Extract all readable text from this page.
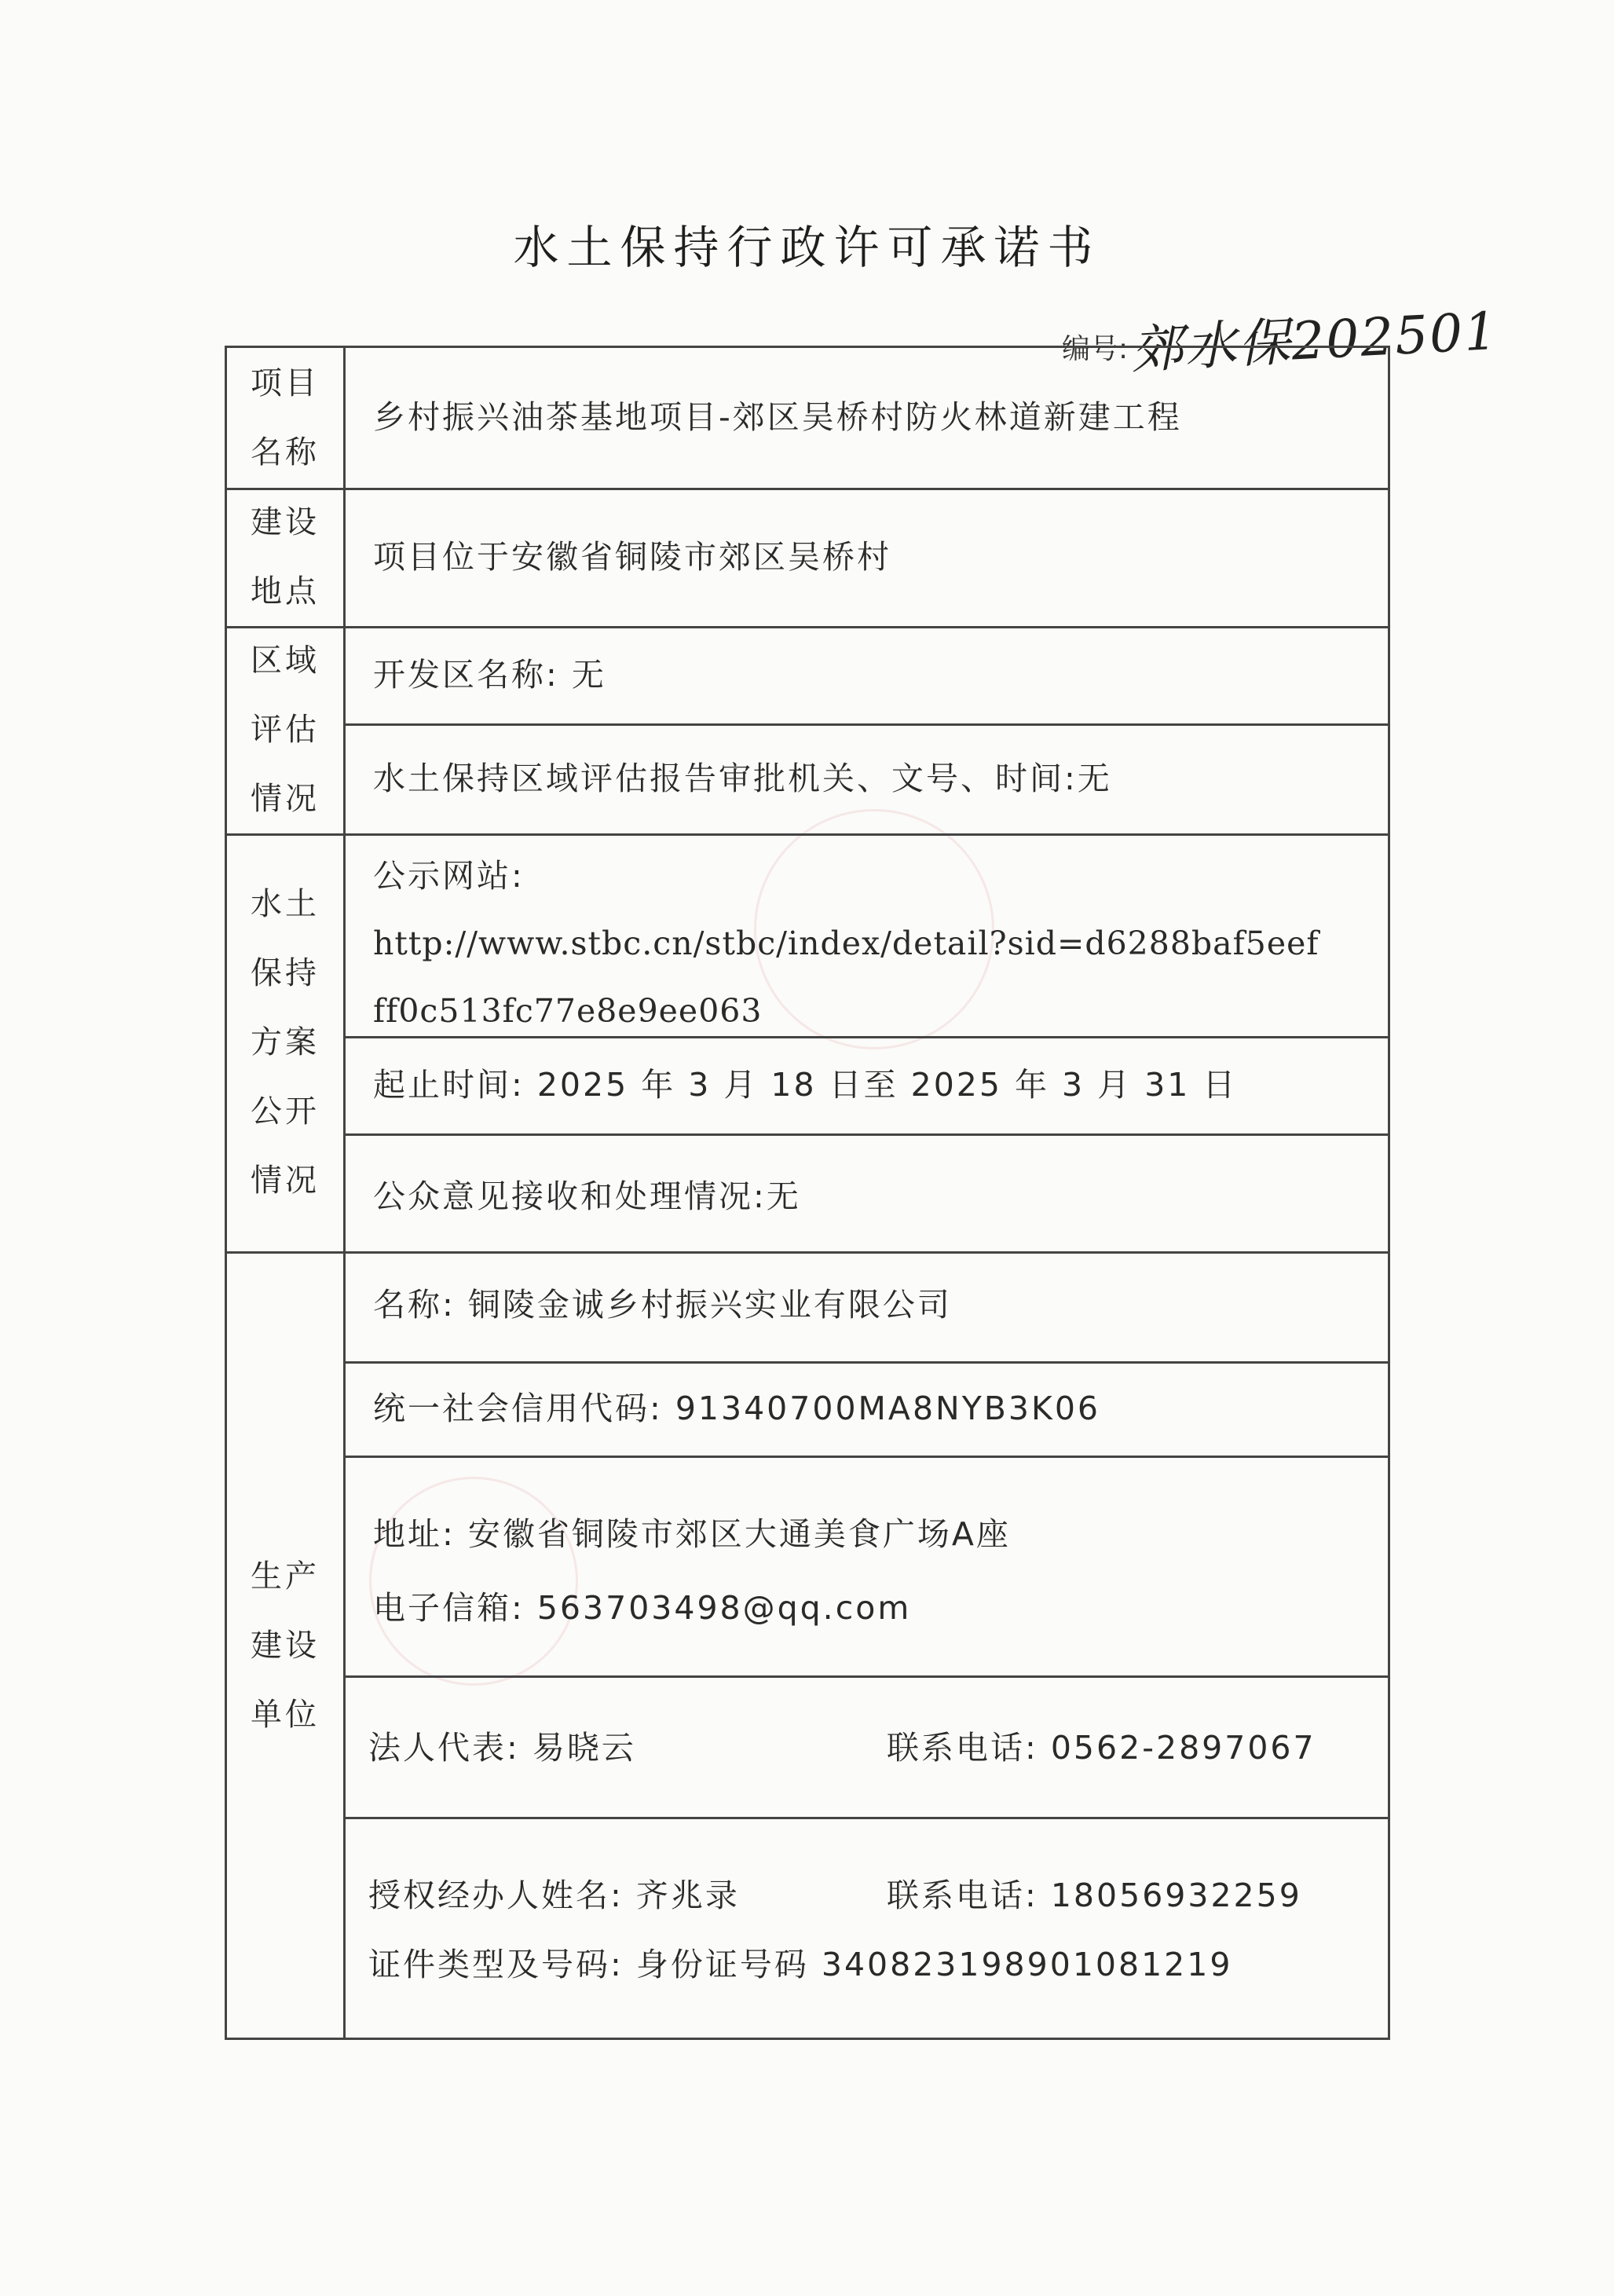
水土保持行政许可承诺书
编号: 郊水保202501
项目名称
建设地点
区域评估情况
水土保持方案公开情况
生产建设单位
乡村振兴油茶基地项目-郊区吴桥村防火林道新建工程
项目位于安徽省铜陵市郊区吴桥村
开发区名称: 无
水土保持区域评估报告审批机关、文号、时间:无
公示网站:
http://www.stbc.cn/stbc/index/detail?sid=d6288baf5eef
ff0c513fc77e8e9ee063
起止时间: 2025 年 3 月 18 日至 2025 年 3 月 31 日
公众意见接收和处理情况:无
名称: 铜陵金诚乡村振兴实业有限公司
统一社会信用代码: 91340700MA8NYB3K06
地址: 安徽省铜陵市郊区大通美食广场A座
电子信箱: 563703498@qq.com
法人代表: 易晓云	联系电话: 0562-2897067
授权经办人姓名: 齐兆录	联系电话: 18056932259
证件类型及号码: 身份证号码 340823198901081219
